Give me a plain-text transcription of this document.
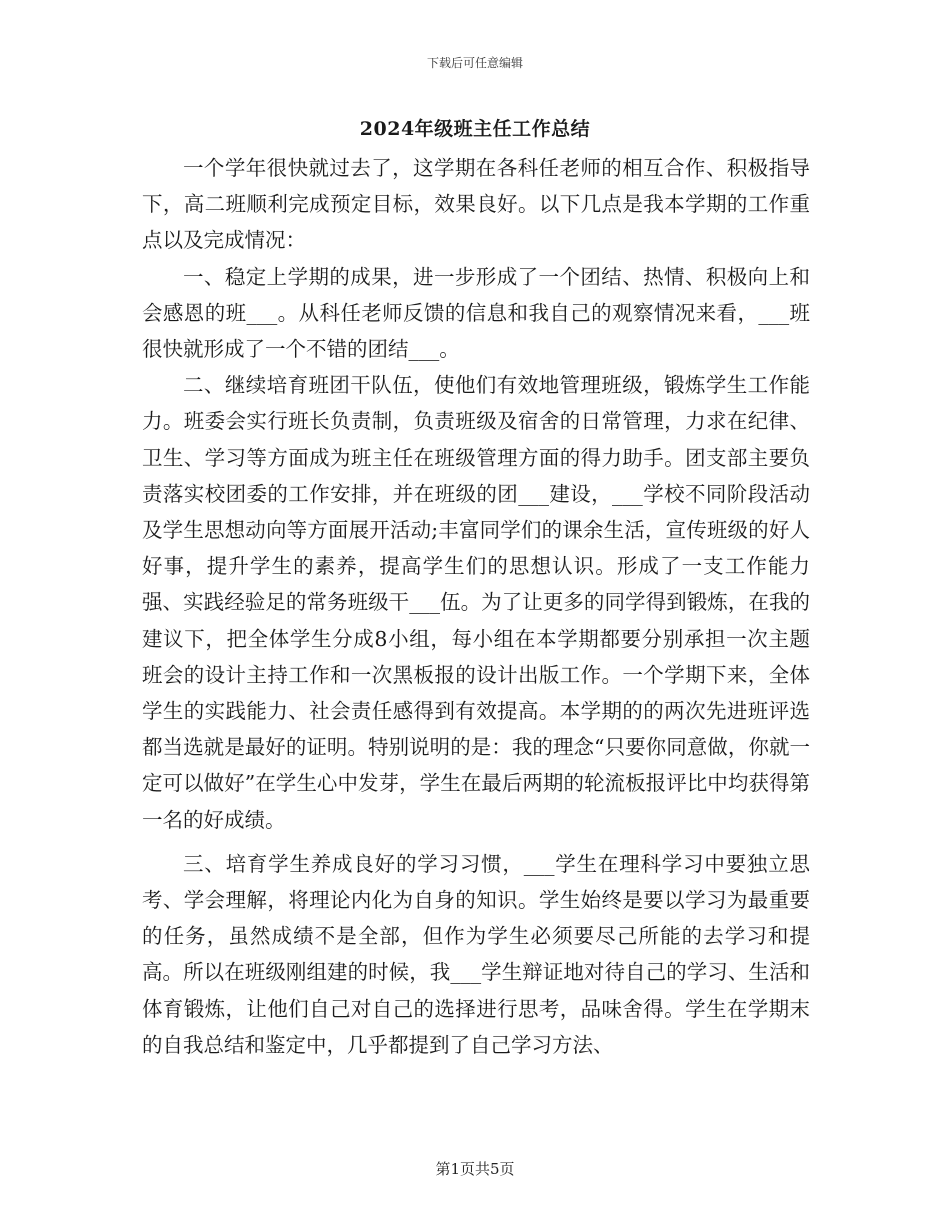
下载后可任意编辑
2024年级班主任工作总结

一个学年很快就过去了，这学期在各科任老师的相互合作、积极指导下，高二班顺利完成预定目标，效果良好。以下几点是我本学期的工作重点以及完成情况：

一、稳定上学期的成果，进一步形成了一个团结、热情、积极向上和会感恩的班___。从科任老师反馈的信息和我自己的观察情况来看，___班很快就形成了一个不错的团结___。

二、继续培育班团干队伍，使他们有效地管理班级，锻炼学生工作能力。班委会实行班长负责制，负责班级及宿舍的日常管理，力求在纪律、卫生、学习等方面成为班主任在班级管理方面的得力助手。团支部主要负责落实校团委的工作安排，并在班级的团___建设，___学校不同阶段活动及学生思想动向等方面展开活动;丰富同学们的课余生活，宣传班级的好人好事，提升学生的素养，提高学生们的思想认识。形成了一支工作能力强、实践经验足的常务班级干___伍。为了让更多的同学得到锻炼，在我的建议下，把全体学生分成8小组，每小组在本学期都要分别承担一次主题班会的设计主持工作和一次黑板报的设计出版工作。一个学期下来，全体学生的实践能力、社会责任感得到有效提高。本学期的的两次先进班评选都当选就是最好的证明。特别说明的是：我的理念“只要你同意做，你就一定可以做好”在学生心中发芽，学生在最后两期的轮流板报评比中均获得第一名的好成绩。

三、培育学生养成良好的学习习惯，___学生在理科学习中要独立思考、学会理解，将理论内化为自身的知识。学生始终是要以学习为最重要的任务，虽然成绩不是全部，但作为学生必须要尽己所能的去学习和提高。所以在班级刚组建的时候，我___学生辩证地对待自己的学习、生活和体育锻炼，让他们自己对自己的选择进行思考，品味舍得。学生在学期末的自我总结和鉴定中，几乎都提到了自己学习方法、

第1页共5页
